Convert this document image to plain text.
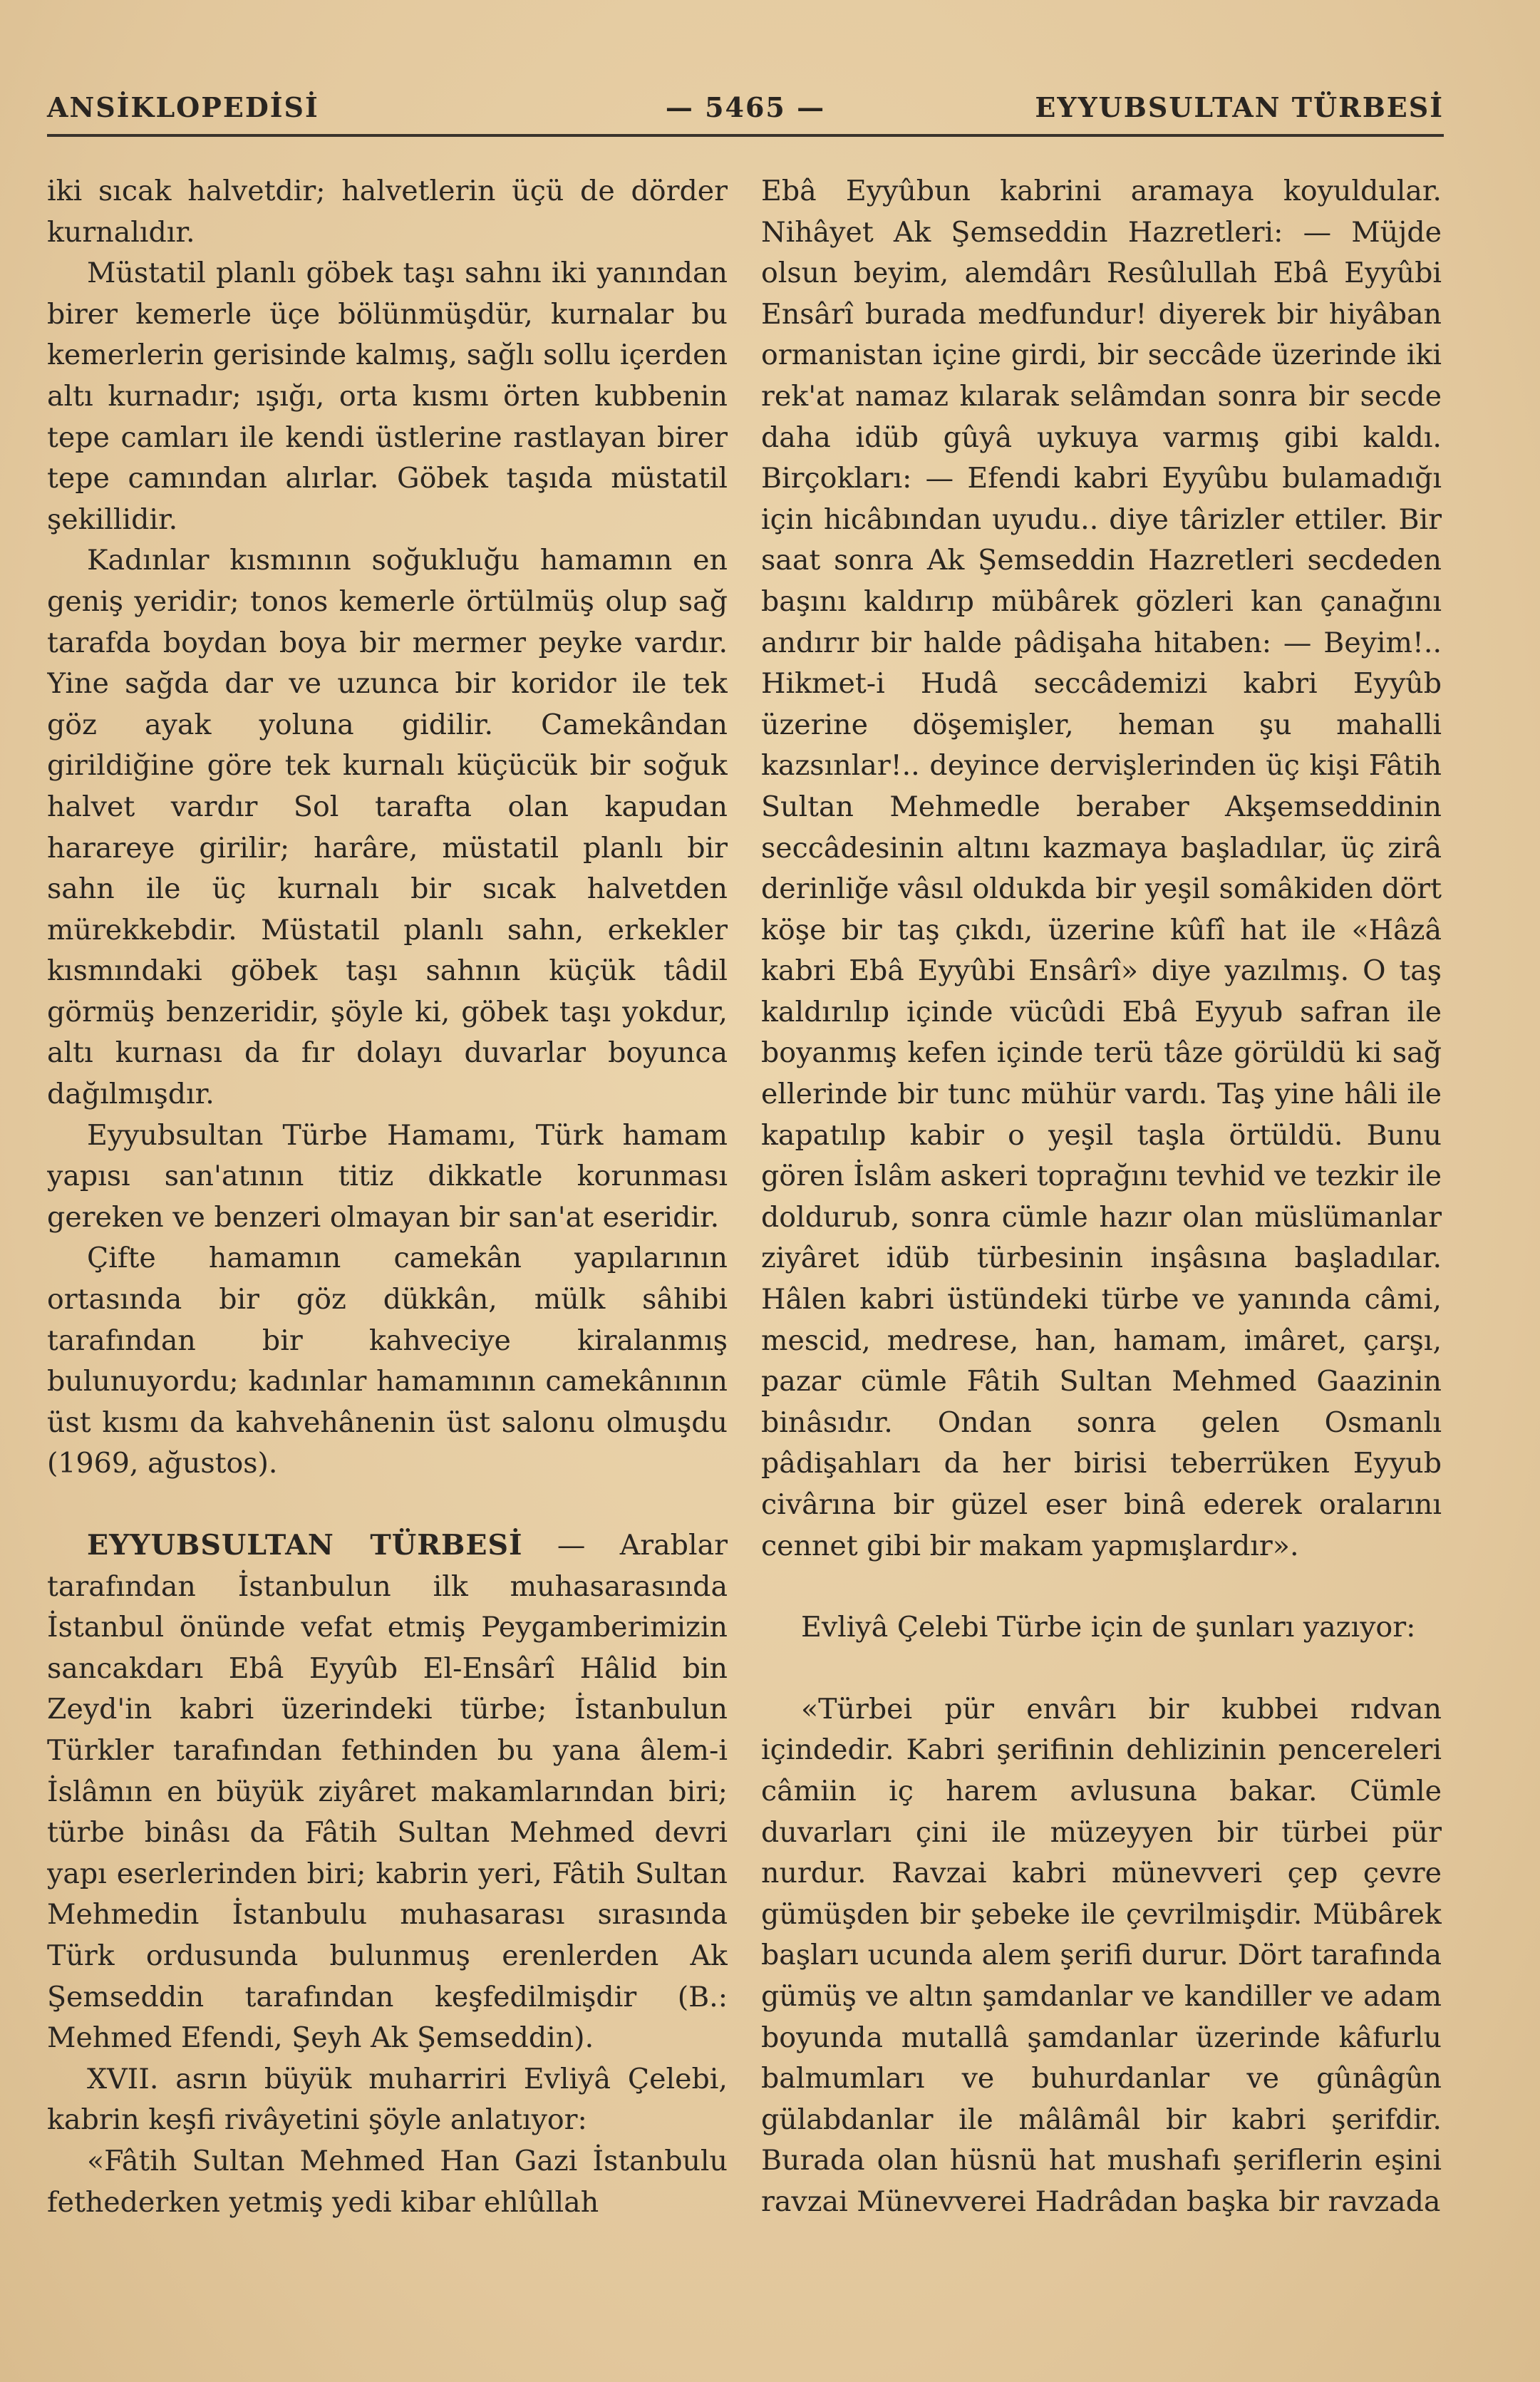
ANSİKLOPEDİSİ	— 5465 —	EYYUBSULTAN TÜRBESİ

iki sıcak halvetdir; halvetlerin üçü de dörder kurnalıdır.

Müstatil planlı göbek taşı sahnı iki yanından birer kemerle üçe bölünmüşdür, kurnalar bu kemerlerin gerisinde kalmış, sağlı sollu içerden altı kurnadır; ışığı, orta kısmı örten kubbenin tepe camları ile kendi üstlerine rastlayan birer tepe camından alırlar. Göbek taşıda müstatil şekillidir.

Kadınlar kısmının soğukluğu hamamın en geniş yeridir; tonos kemerle örtülmüş olup sağ tarafda boydan boya bir mermer peyke vardır. Yine sağda dar ve uzunca bir koridor ile tek göz ayak yoluna gidilir. Camekândan girildiğine göre tek kurnalı küçücük bir soğuk halvet vardır Sol tarafta olan kapudan harareye girilir; harâre, müstatil planlı bir sahn ile üç kurnalı bir sıcak halvetden mürekkebdir. Müstatil planlı sahn, erkekler kısmındaki göbek taşı sahnın küçük tâdil görmüş benzeridir, şöyle ki, göbek taşı yokdur, altı kurnası da fır dolayı duvarlar boyunca dağılmışdır.

Eyyubsultan Türbe Hamamı, Türk hamam yapısı san'atının titiz dikkatle korunması gereken ve benzeri olmayan bir san'at eseridir.

Çifte hamamın camekân yapılarının ortasında bir göz dükkân, mülk sâhibi tarafından bir kahveciye kiralanmış bulunuyordu; kadınlar hamamının camekânının üst kısmı da kahvehânenin üst salonu olmuşdu (1969, ağustos).

EYYUBSULTAN TÜRBESİ — Arablar tarafından İstanbulun ilk muhasarasında İstanbul önünde vefat etmiş Peygamberimizin sancakdarı Ebâ Eyyûb El-Ensârî Hâlid bin Zeyd'in kabri üzerindeki türbe; İstanbulun Türkler tarafından fethinden bu yana âlem-i İslâmın en büyük ziyâret makamlarından biri; türbe binâsı da Fâtih Sultan Mehmed devri yapı eserlerinden biri; kabrin yeri, Fâtih Sultan Mehmedin İstanbulu muhasarası sırasında Türk ordusunda bulunmuş erenlerden Ak Şemseddin tarafından keşfedilmişdir (B.: Mehmed Efendi, Şeyh Ak Şemseddin).

XVII. asrın büyük muharriri Evliyâ Çelebi, kabrin keşfi rivâyetini şöyle anlatıyor:

«Fâtih Sultan Mehmed Han Gazi İstanbulu fethederken yetmiş yedi kibar ehlûllah

Ebâ Eyyûbun kabrini aramaya koyuldular. Nihâyet Ak Şemseddin Hazretleri: — Müjde olsun beyim, alemdârı Resûlullah Ebâ Eyyûbi Ensârî burada medfundur! diyerek bir hiyâban ormanistan içine girdi, bir seccâde üzerinde iki rek'at namaz kılarak selâmdan sonra bir secde daha idüb gûyâ uykuya varmış gibi kaldı. Birçokları: — Efendi kabri Eyyûbu bulamadığı için hicâbından uyudu.. diye târizler ettiler. Bir saat sonra Ak Şemseddin Hazretleri secdeden başını kaldırıp mübârek gözleri kan çanağını andırır bir halde pâdişaha hitaben: — Beyim!.. Hikmet-i Hudâ seccâdemizi kabri Eyyûb üzerine döşemişler, heman şu mahalli kazsınlar!.. deyince dervişlerinden üç kişi Fâtih Sultan Mehmedle beraber Akşemseddinin seccâdesinin altını kazmaya başladılar, üç zirâ derinliğe vâsıl oldukda bir yeşil somâkiden dört köşe bir taş çıkdı, üzerine kûfî hat ile «Hâzâ kabri Ebâ Eyyûbi Ensârî» diye yazılmış. O taş kaldırılıp içinde vücûdi Ebâ Eyyub safran ile boyanmış kefen içinde terü tâze görüldü ki sağ ellerinde bir tunc mühür vardı. Taş yine hâli ile kapatılıp kabir o yeşil taşla örtüldü. Bunu gören İslâm askeri toprağını tevhid ve tezkir ile doldurub, sonra cümle hazır olan müslümanlar ziyâret idüb türbesinin inşâsına başladılar. Hâlen kabri üstündeki türbe ve yanında câmi, mescid, medrese, han, hamam, imâret, çarşı, pazar cümle Fâtih Sultan Mehmed Gaazinin binâsıdır. Ondan sonra gelen Osmanlı pâdişahları da her birisi teberrüken Eyyub civârına bir güzel eser binâ ederek oralarını cennet gibi bir makam yapmışlardır».

Evliyâ Çelebi Türbe için de şunları yazıyor:

«Türbei pür envârı bir kubbei rıdvan içindedir. Kabri şerifinin dehlizinin pencereleri câmiin iç harem avlusuna bakar. Cümle duvarları çini ile müzeyyen bir türbei pür nurdur. Ravzai kabri münevveri çep çevre gümüşden bir şebeke ile çevrilmişdir. Mübârek başları ucunda alem şerifi durur. Dört tarafında gümüş ve altın şamdanlar ve kandiller ve adam boyunda mutallâ şamdanlar üzerinde kâfurlu balmumları ve buhurdanlar ve gûnâgûn gülabdanlar ile mâlâmâl bir kabri şerifdir. Burada olan hüsnü hat mushafı şeriflerin eşini ravzai Münevverei Hadrâdan başka bir ravzada
